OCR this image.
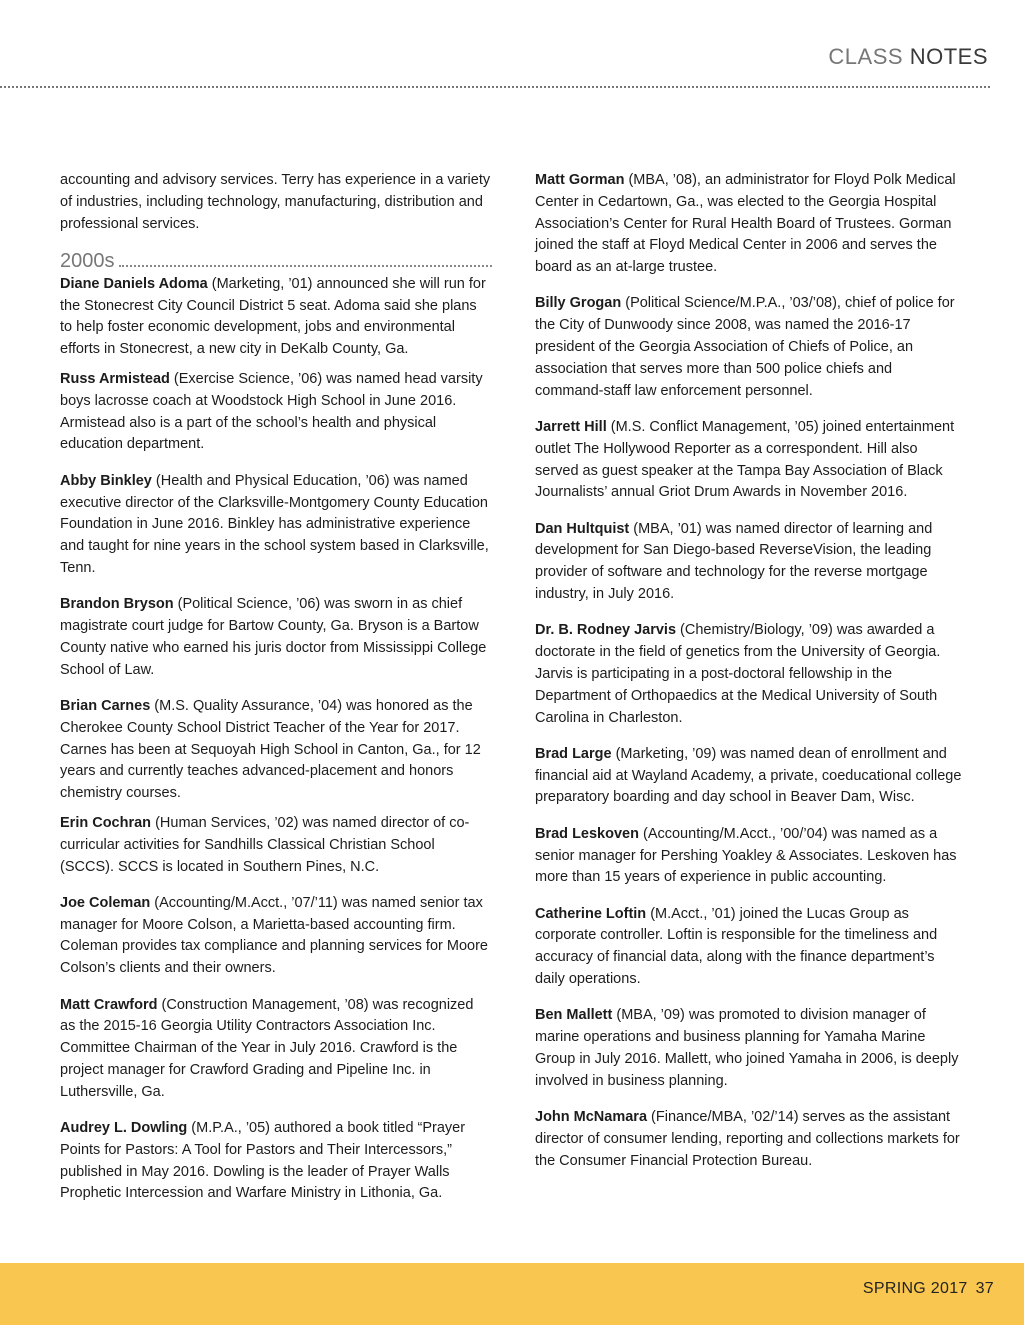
CLASS NOTES

accounting and advisory services. Terry has experience in a variety of industries, including technology, manufacturing, distribution and professional services.

2000s

Diane Daniels Adoma (Marketing, ’01) announced she will run for the Stonecrest City Council District 5 seat. Adoma said she plans to help foster economic development, jobs and environmental efforts in Stonecrest, a new city in DeKalb County, Ga.

Russ Armistead (Exercise Science, ’06) was named head varsity boys lacrosse coach at Woodstock High School in June 2016. Armistead also is a part of the school’s health and physical education department.

Abby Binkley (Health and Physical Education, ’06) was named executive director of the Clarksville-Montgomery County Education Foundation in June 2016. Binkley has administrative experience and taught for nine years in the school system based in Clarksville, Tenn.

Brandon Bryson (Political Science, ’06) was sworn in as chief magistrate court judge for Bartow County, Ga. Bryson is a Bartow County native who earned his juris doctor from Mississippi College School of Law.

Brian Carnes (M.S. Quality Assurance, ’04) was honored as the Cherokee County School District Teacher of the Year for 2017. Carnes has been at Sequoyah High School in Canton, Ga., for 12 years and currently teaches advanced-placement and honors chemistry courses.

Erin Cochran (Human Services, ’02) was named director of co-curricular activities for Sandhills Classical Christian School (SCCS). SCCS is located in Southern Pines, N.C.

Joe Coleman (Accounting/M.Acct., ’07/’11) was named senior tax manager for Moore Colson, a Marietta-based accounting firm. Coleman provides tax compliance and planning services for Moore Colson’s clients and their owners.

Matt Crawford (Construction Management, ’08) was recognized as the 2015-16 Georgia Utility Contractors Association Inc. Committee Chairman of the Year in July 2016. Crawford is the project manager for Crawford Grading and Pipeline Inc. in Luthersville, Ga.

Audrey L. Dowling (M.P.A., ’05) authored a book titled “Prayer Points for Pastors: A Tool for Pastors and Their Intercessors,” published in May 2016. Dowling is the leader of Prayer Walls Prophetic Intercession and Warfare Ministry in Lithonia, Ga.

Matt Gorman (MBA, ’08), an administrator for Floyd Polk Medical Center in Cedartown, Ga., was elected to the Georgia Hospital Association’s Center for Rural Health Board of Trustees. Gorman joined the staff at Floyd Medical Center in 2006 and serves the board as an at-large trustee.

Billy Grogan (Political Science/M.P.A., ’03/’08), chief of police for the City of Dunwoody since 2008, was named the 2016-17 president of the Georgia Association of Chiefs of Police, an association that serves more than 500 police chiefs and command-staff law enforcement personnel.

Jarrett Hill (M.S. Conflict Management, ’05) joined entertainment outlet The Hollywood Reporter as a correspondent. Hill also served as guest speaker at the Tampa Bay Association of Black Journalists’ annual Griot Drum Awards in November 2016.

Dan Hultquist (MBA, ’01) was named director of learning and development for San Diego-based ReverseVision, the leading provider of software and technology for the reverse mortgage industry, in July 2016.

Dr. B. Rodney Jarvis (Chemistry/Biology, ’09) was awarded a doctorate in the field of genetics from the University of Georgia. Jarvis is participating in a post-doctoral fellowship in the Department of Orthopaedics at the Medical University of South Carolina in Charleston.

Brad Large (Marketing, ’09) was named dean of enrollment and financial aid at Wayland Academy, a private, coeducational college preparatory boarding and day school in Beaver Dam, Wisc.

Brad Leskoven (Accounting/M.Acct., ’00/’04) was named as a senior manager for Pershing Yoakley & Associates. Leskoven has more than 15 years of experience in public accounting.

Catherine Loftin (M.Acct., ’01) joined the Lucas Group as corporate controller. Loftin is responsible for the timeliness and accuracy of financial data, along with the finance department’s daily operations.

Ben Mallett (MBA, ’09) was promoted to division manager of marine operations and business planning for Yamaha Marine Group in July 2016. Mallett, who joined Yamaha in 2006, is deeply involved in business planning.

John McNamara (Finance/MBA, ’02/’14) serves as the assistant director of consumer lending, reporting and collections markets for the Consumer Financial Protection Bureau.

SPRING 2017 37
